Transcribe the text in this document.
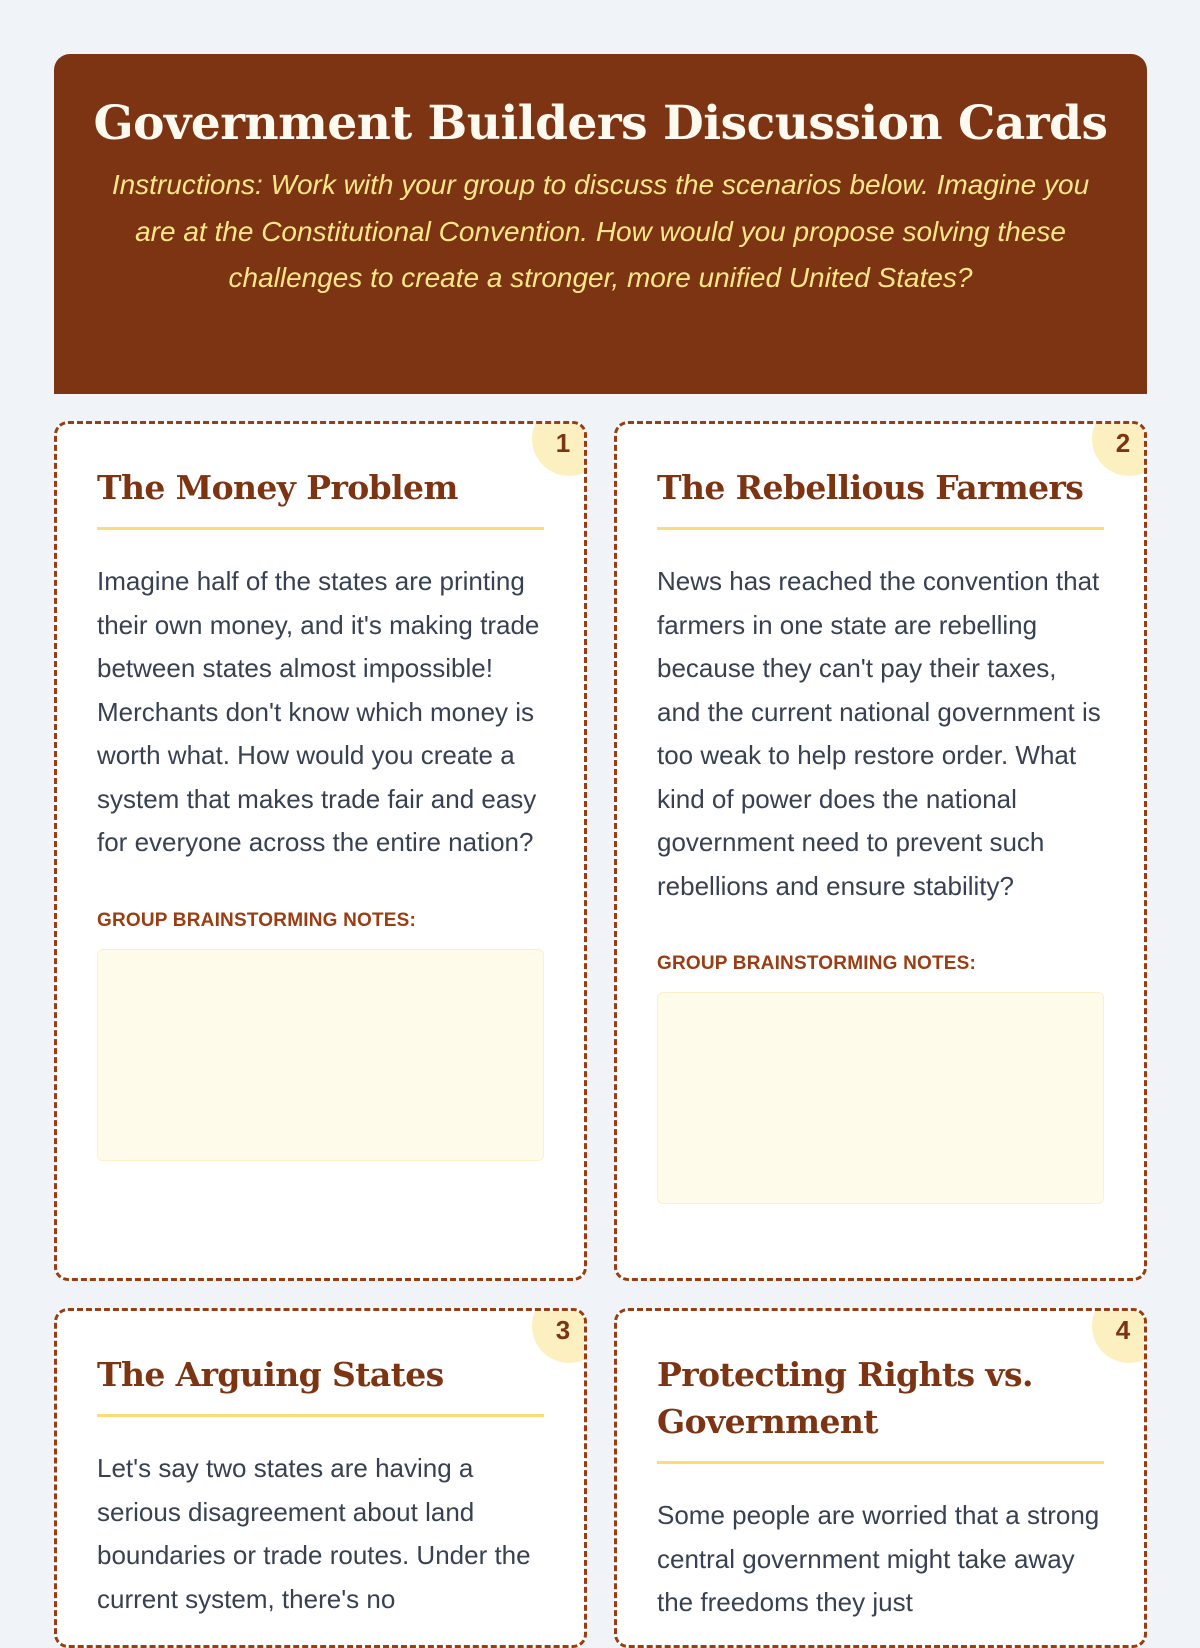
Government Builders Discussion Cards

Instructions: Work with your group to discuss the scenarios below. Imagine you are at the Constitutional Convention. How would you propose solving these challenges to create a stronger, more unified United States?

1
The Money Problem

Imagine half of the states are printing their own money, and it's making trade between states almost impossible! Merchants don't know which money is worth what. How would you create a system that makes trade fair and easy for everyone across the entire nation?

GROUP BRAINSTORMING NOTES:
2
The Rebellious Farmers

News has reached the convention that farmers in one state are rebelling because they can't pay their taxes, and the current national government is too weak to help restore order. What kind of power does the national government need to prevent such rebellions and ensure stability?

GROUP BRAINSTORMING NOTES:
3
The Arguing States

Let's say two states are having a serious disagreement about land boundaries or trade routes. Under the current system, there's no

4
Protecting Rights vs. Government

Some people are worried that a strong central government might take away the freedoms they just
